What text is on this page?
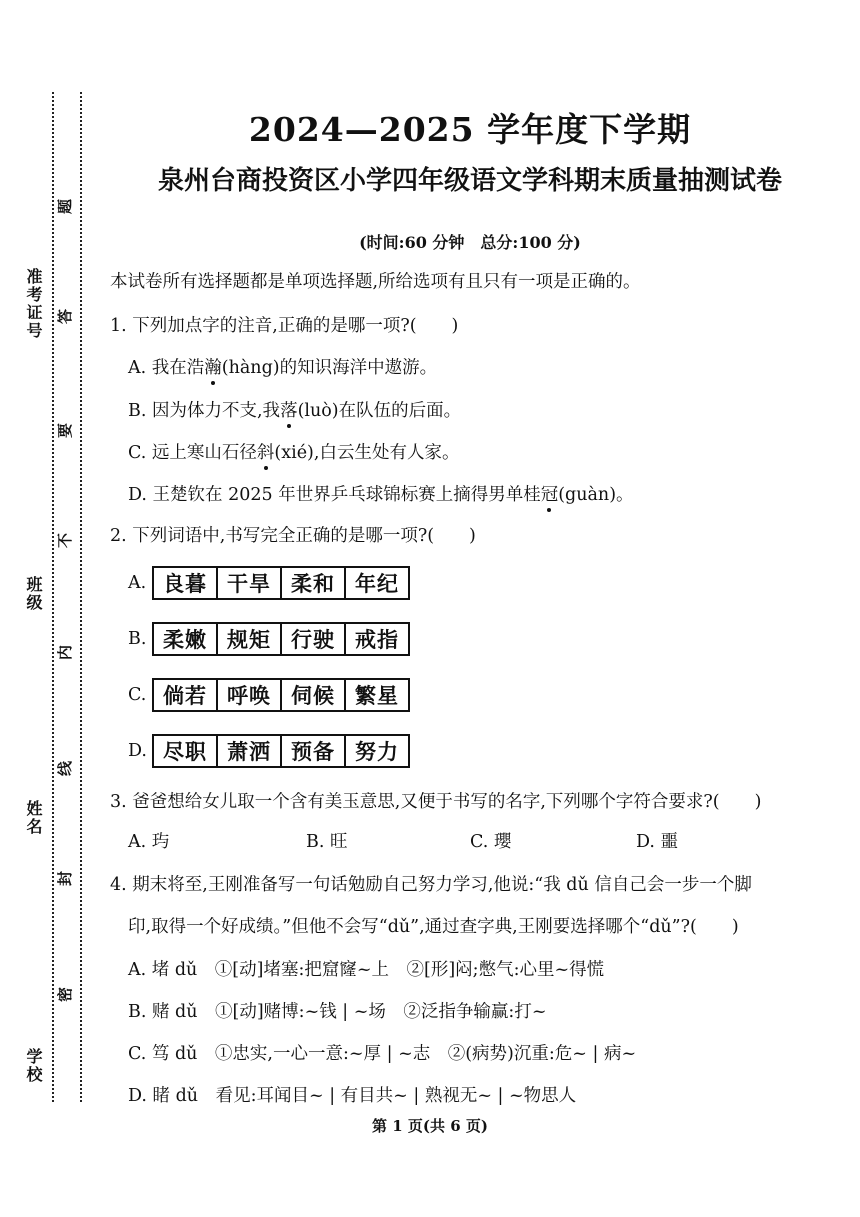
准考证号
班级
姓名
学校
题
答
要
不
内
线
封
密
2024—2025 学年度下学期
泉州台商投资区小学四年级语文学科期末质量抽测试卷
(时间:60 分钟　总分:100 分)
本试卷所有选择题都是单项选择题,所给选项有且只有一项是正确的。
1. 下列加点字的注音,正确的是哪一项?(　　)
A. 我在浩瀚(hàng)的知识海洋中遨游。
B. 因为体力不支,我落(luò)在队伍的后面。
C. 远上寒山石径斜(xié),白云生处有人家。
D. 王楚钦在 2025 年世界乒乓球锦标赛上摘得男单桂冠(guàn)。
2. 下列词语中,书写完全正确的是哪一项?(　　)
A. 良暮 干旱 柔和 年纪
B. 柔嫩 规矩 行驶 戒指
C. 倘若 呼唤 伺候 繁星
D. 尽职 萧洒 预备 努力
3. 爸爸想给女儿取一个含有美玉意思,又便于书写的名字,下列哪个字符合要求?(　　)
A. 玙	B. 旺	C. 瓔	D. 噩
4. 期末将至,王刚准备写一句话勉励自己努力学习,他说:“我 dǔ 信自己会一步一个脚
印,取得一个好成绩。”但他不会写“dǔ”,通过查字典,王刚要选择哪个“dǔ”?(　　)
A. 堵 dǔ　①[动]堵塞:把窟窿~上　②[形]闷;憋气:心里~得慌
B. 赌 dǔ　①[动]赌博:~钱 | ~场　②泛指争输赢:打~
C. 笃 dǔ　①忠实,一心一意:~厚 | ~志　②(病势)沉重:危~ | 病~
D. 睹 dǔ　看见:耳闻目~ | 有目共~ | 熟视无~ | ~物思人
第 1 页(共 6 页)
